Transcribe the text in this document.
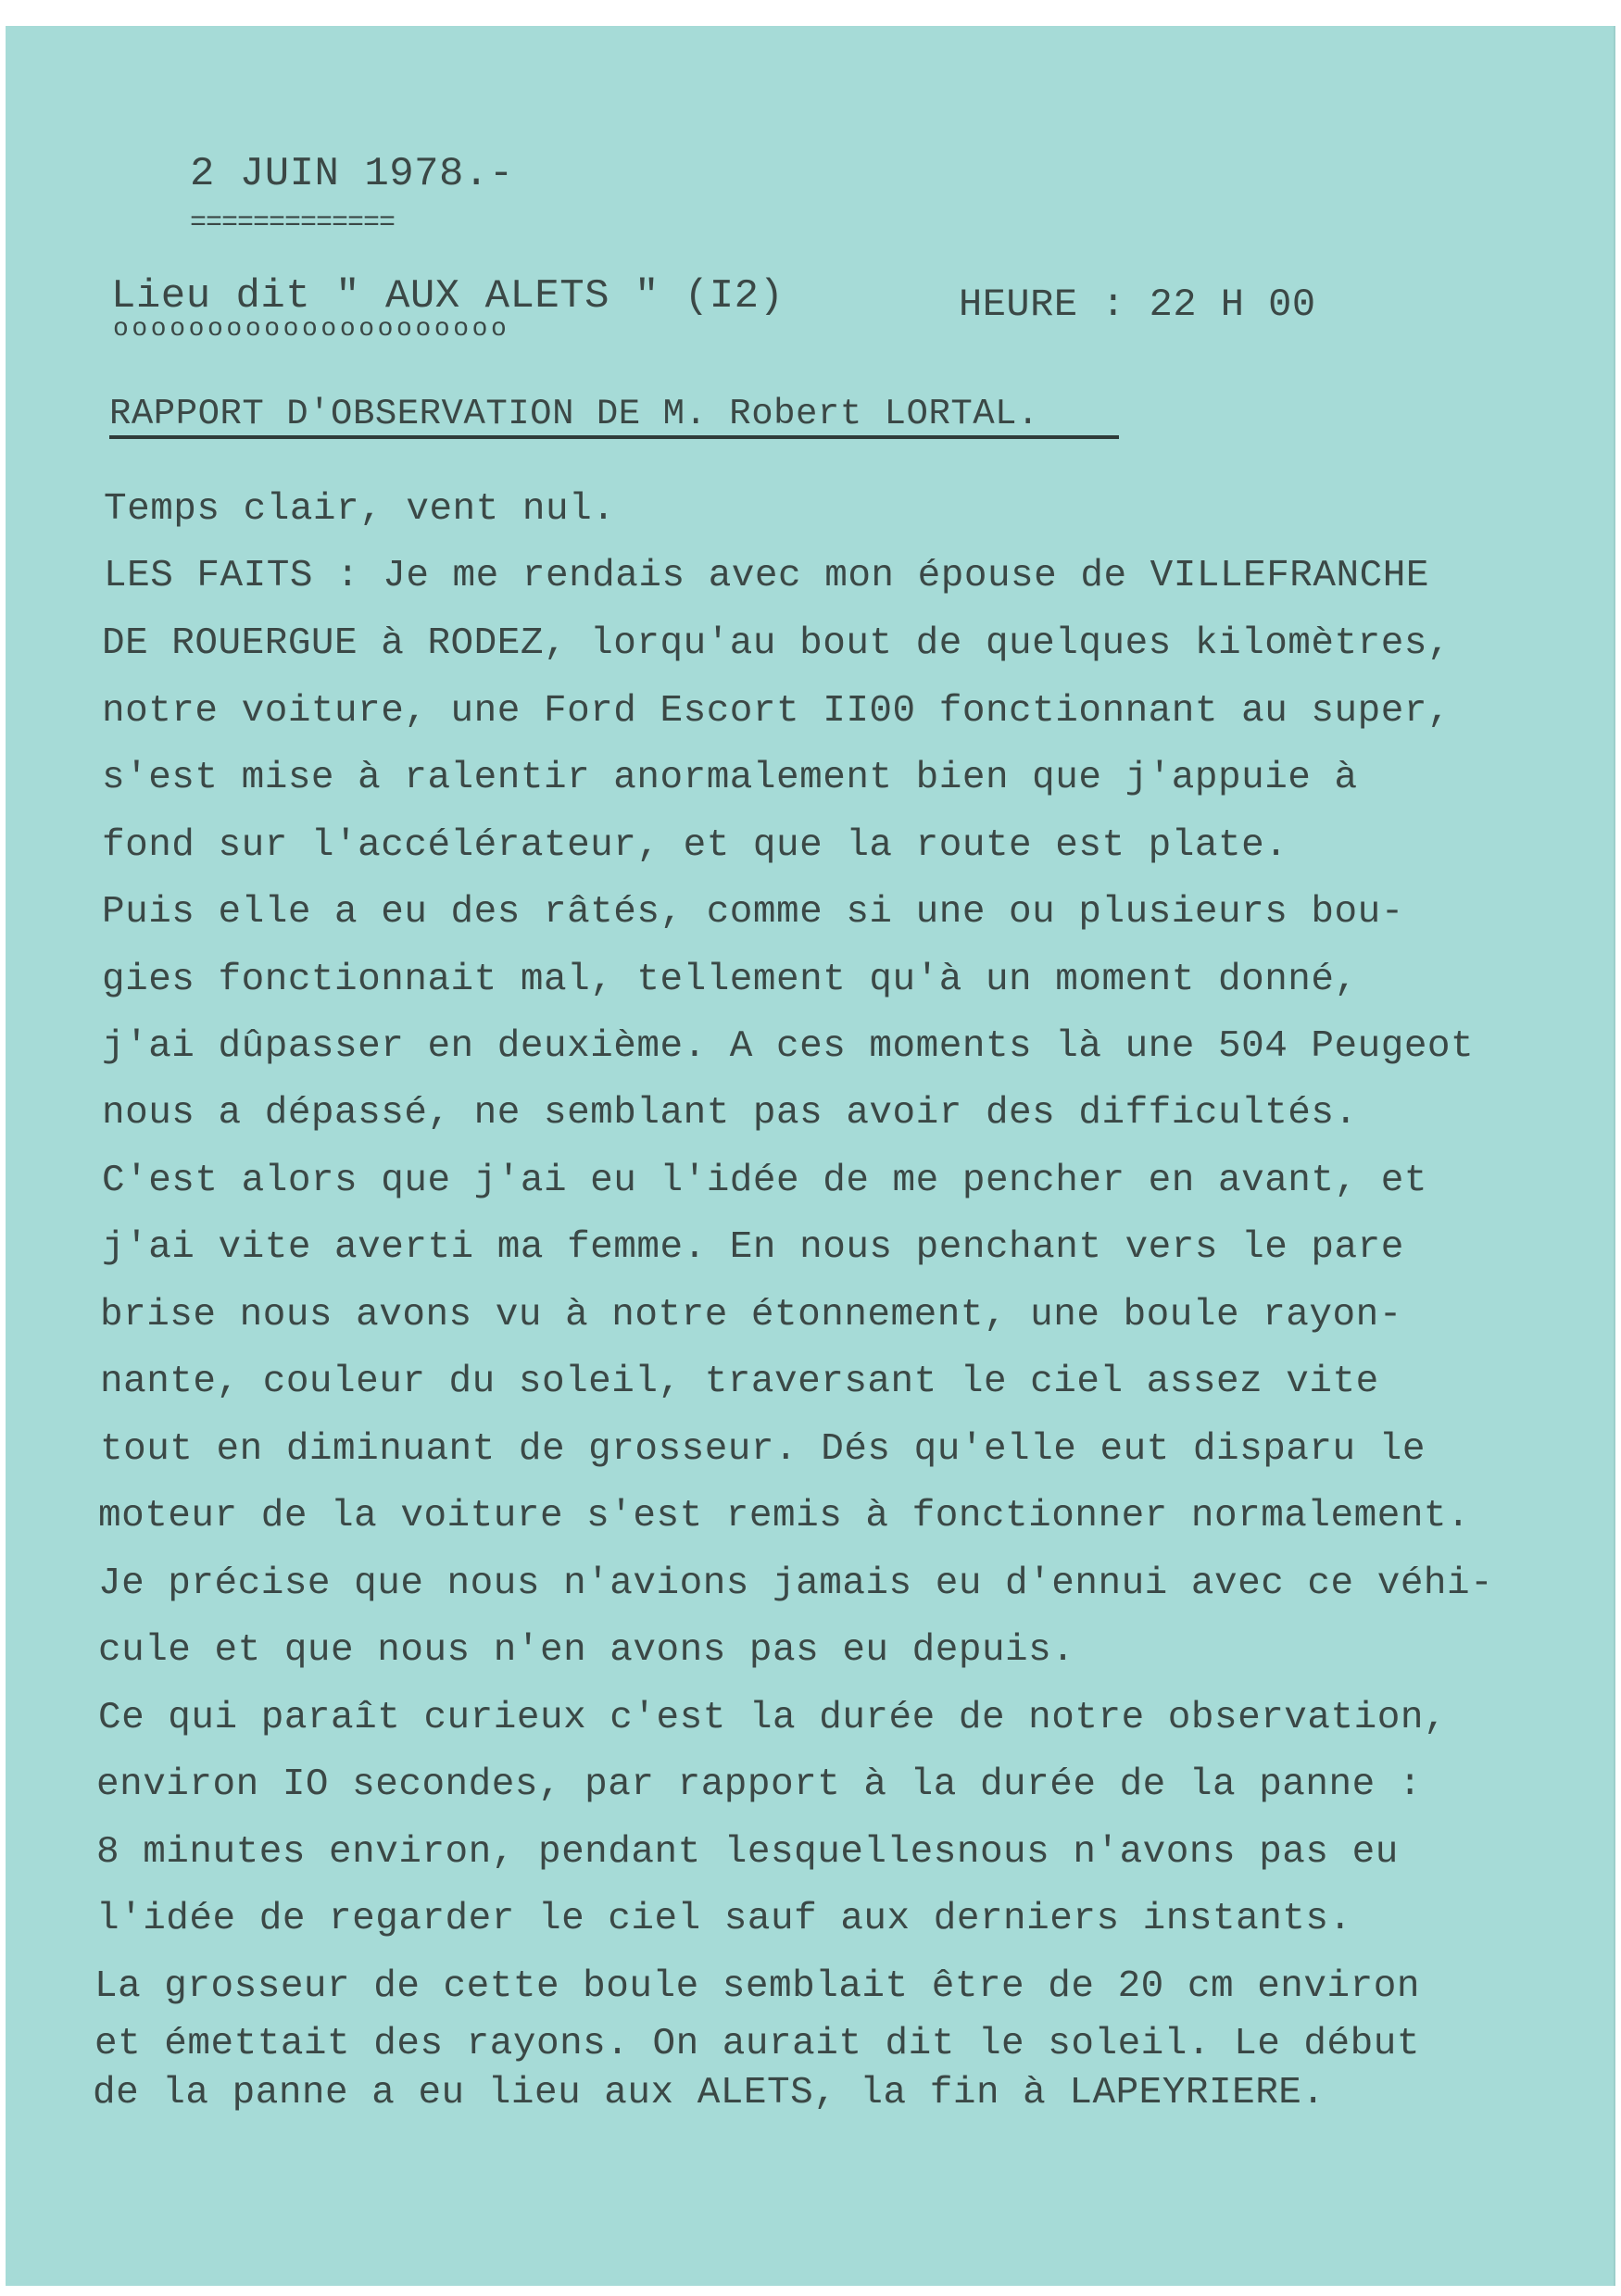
2 JUIN 1978.-
=============
Lieu dit " AUX ALETS " (I2)
ooooooooooooooooooooo
HEURE : 22 H 00
RAPPORT D'OBSERVATION DE M. Robert LORTAL.
Temps clair, vent nul.
LES FAITS : Je me rendais avec mon épouse de VILLEFRANCHE
DE ROUERGUE à RODEZ, lorqu'au bout de quelques kilomètres,
notre voiture, une Ford Escort II00 fonctionnant au super,
s'est mise à ralentir anormalement bien que j'appuie à
fond sur l'accélérateur, et que la route est plate.
Puis elle a eu des râtés, comme si une ou plusieurs bou-
gies fonctionnait mal, tellement qu'à un moment donné,
j'ai dûpasser en deuxième. A ces moments là une 504 Peugeot
nous a dépassé, ne semblant pas avoir des difficultés.
C'est alors que j'ai eu l'idée de me pencher en avant, et
j'ai vite averti ma femme. En nous penchant vers le pare
brise nous avons vu à notre étonnement, une boule rayon-
nante, couleur du soleil, traversant le ciel assez vite
tout en diminuant de grosseur. Dés qu'elle eut disparu le
moteur de la voiture s'est remis à fonctionner normalement.
Je précise que nous n'avions jamais eu d'ennui avec ce véhi-
cule et que nous n'en avons pas eu depuis.
Ce qui paraît curieux c'est la durée de notre observation,
environ IO secondes, par rapport à la durée de la panne :
8 minutes environ, pendant lesquellesnous n'avons pas eu
l'idée de regarder le ciel sauf aux derniers instants.
La grosseur de cette boule semblait être de 20 cm environ
et émettait des rayons. On aurait dit le soleil. Le début
de la panne a eu lieu aux ALETS, la fin à LAPEYRIERE.
